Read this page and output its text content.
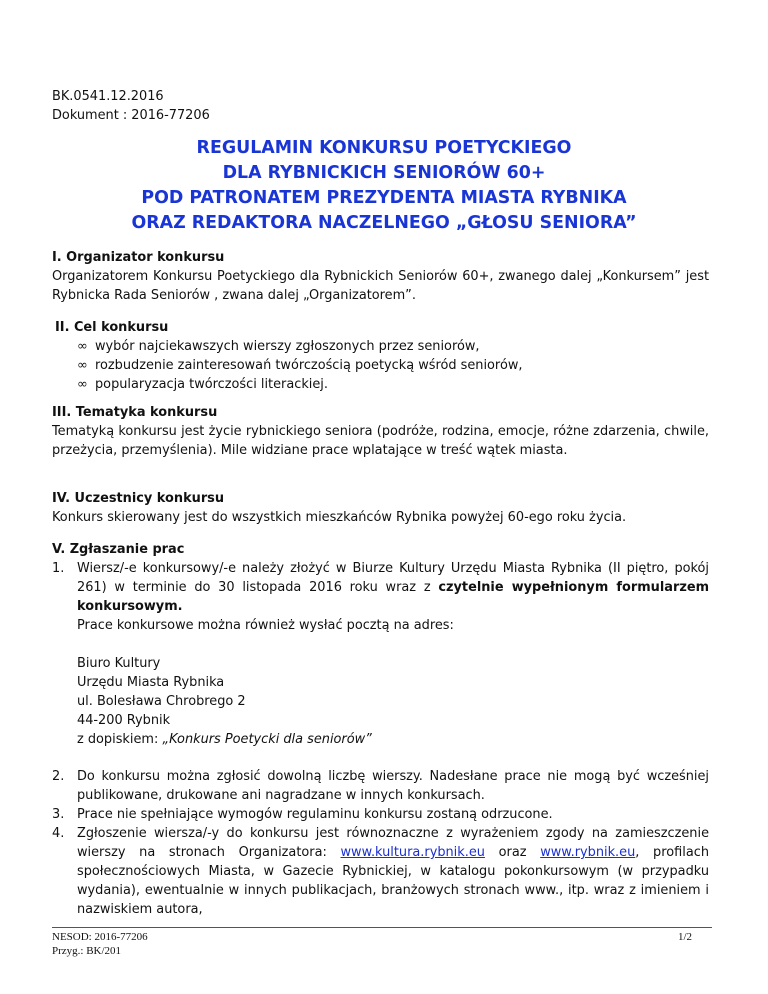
BK.0541.12.2016
Dokument : 2016-77206
REGULAMIN KONKURSU POETYCKIEGO
DLA RYBNICKICH SENIORÓW 60+
POD PATRONATEM PREZYDENTA MIASTA RYBNIKA
ORAZ REDAKTORA NACZELNEGO „GŁOSU SENIORA”
I. Organizator konkursu
Organizatorem Konkursu Poetyckiego dla Rybnickich Seniorów 60+, zwanego dalej „Konkursem” jest Rybnicka Rada Seniorów , zwana dalej „Organizatorem”.
II. Cel konkursu
∞ wybór najciekawszych wierszy zgłoszonych przez seniorów,
∞ rozbudzenie zainteresowań twórczością poetycką wśród seniorów,
∞ popularyzacja twórczości literackiej.
III. Tematyka konkursu
Tematyką konkursu jest życie rybnickiego seniora (podróże, rodzina, emocje, różne zdarzenia, chwile, przeżycia, przemyślenia). Mile widziane prace wplatające w treść wątek miasta.
IV. Uczestnicy konkursu
Konkurs skierowany jest do wszystkich mieszkańców Rybnika powyżej 60-ego roku życia.
V. Zgłaszanie prac
1. Wiersz/-e konkursowy/-e należy złożyć w Biurze Kultury Urzędu Miasta Rybnika (II piętro, pokój 261) w terminie do 30 listopada 2016 roku wraz z czytelnie wypełnionym formularzem konkursowym.
Prace konkursowe można również wysłać pocztą na adres:
Biuro Kultury
Urzędu Miasta Rybnika
ul. Bolesława Chrobrego 2
44-200 Rybnik
z dopiskiem: „Konkurs Poetycki dla seniorów”
2. Do konkursu można zgłosić dowolną liczbę wierszy. Nadesłane prace nie mogą być wcześniej publikowane, drukowane ani nagradzane w innych konkursach.
3. Prace nie spełniające wymogów regulaminu konkursu zostaną odrzucone.
4. Zgłoszenie wiersza/-y do konkursu jest równoznaczne z wyrażeniem zgody na zamieszczenie wierszy na stronach Organizatora: www.kultura.rybnik.eu oraz www.rybnik.eu, profilach społecznościowych Miasta, w Gazecie Rybnickiej, w katalogu pokonkursowym (w przypadku wydania), ewentualnie w innych publikacjach, branżowych stronach www., itp. wraz z imieniem i nazwiskiem autora,
NESOD: 2016-77206
Przyg.: BK/201
1/2
